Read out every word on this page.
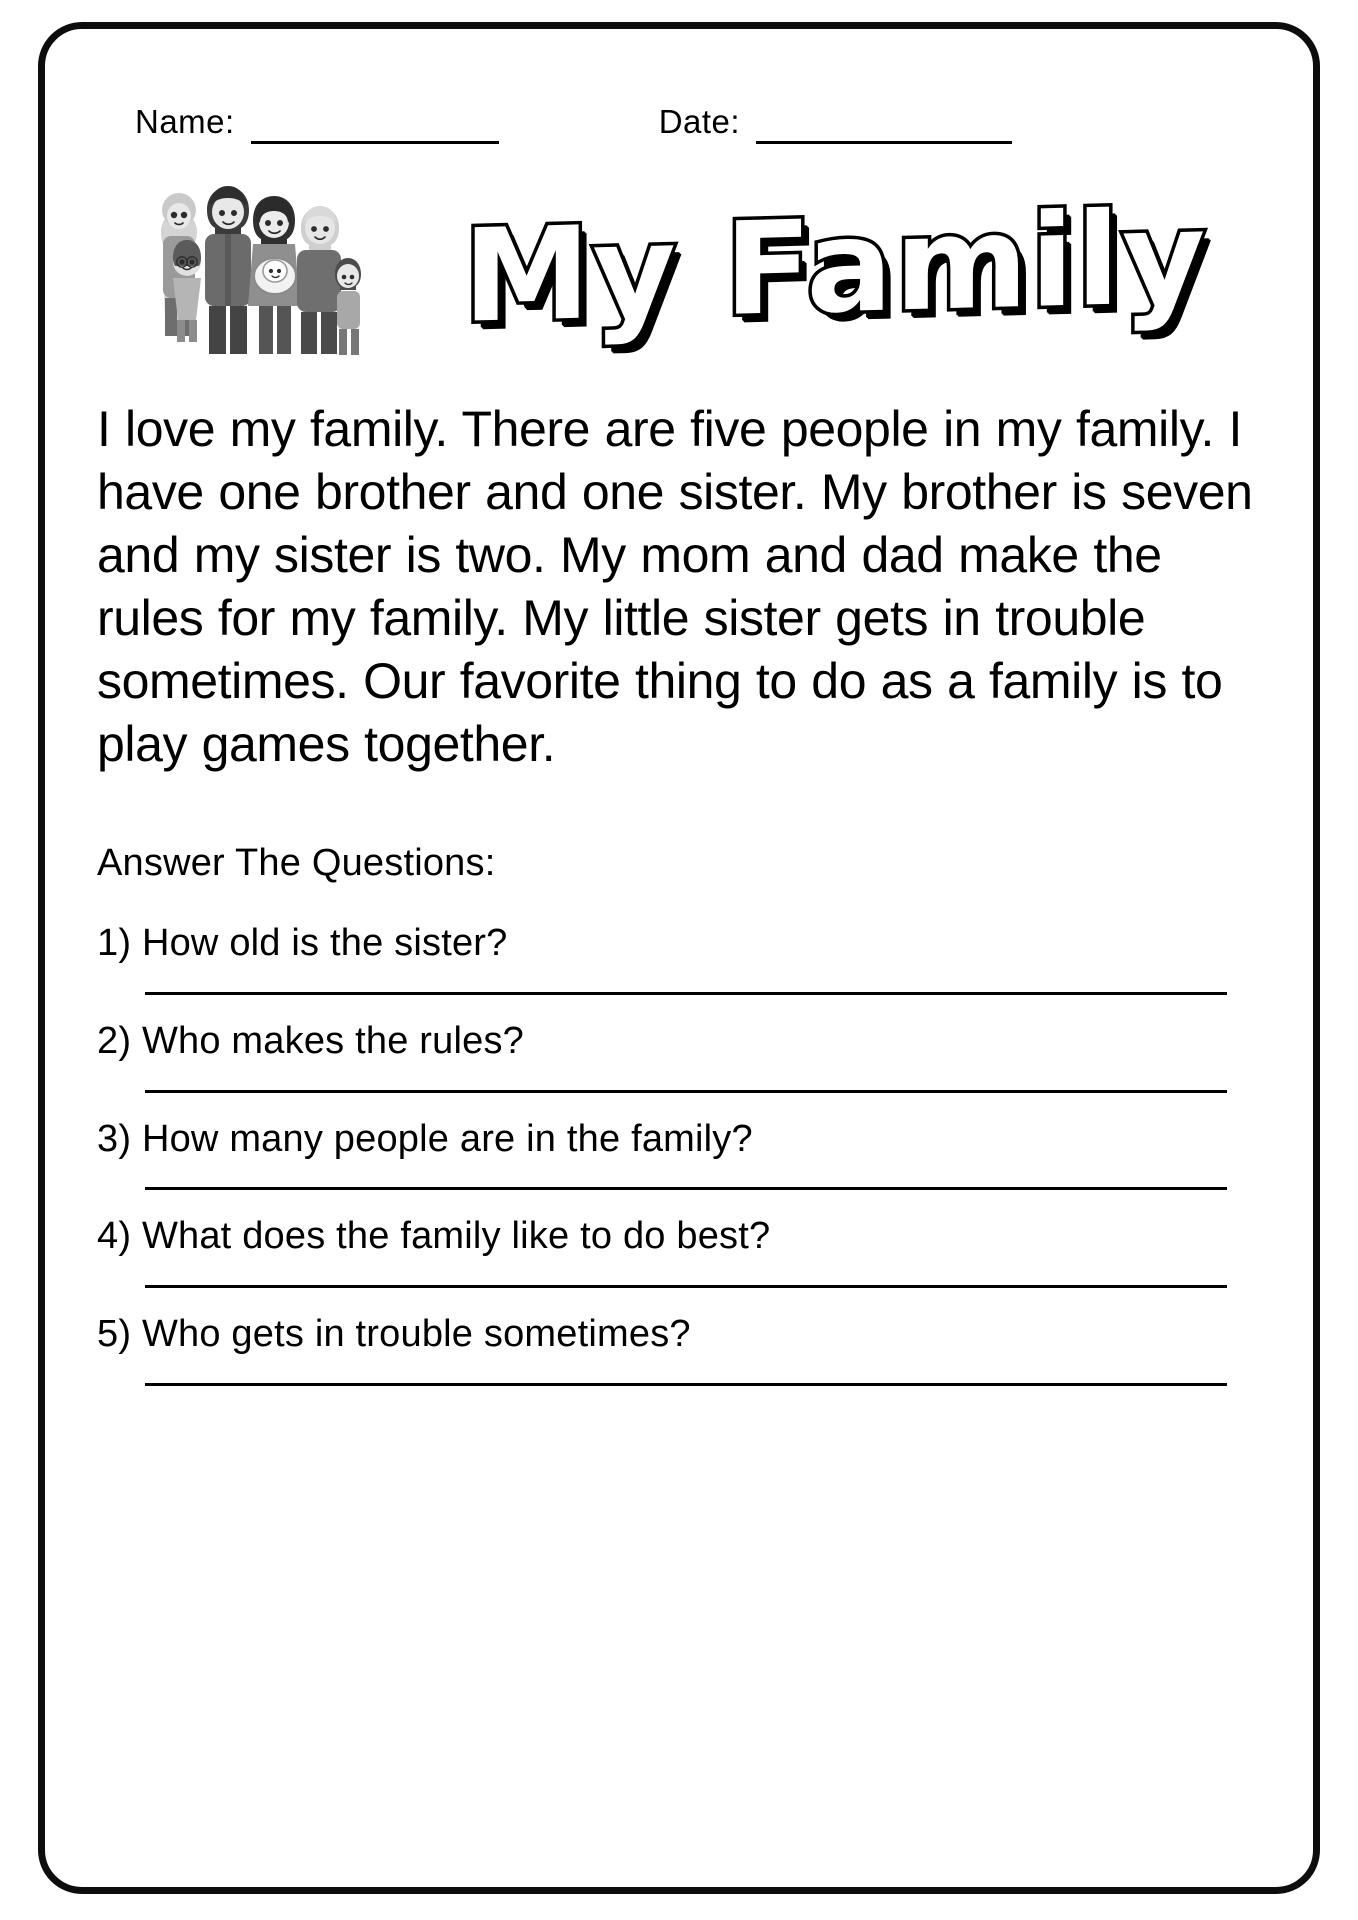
Name:	Date:
My Family
I love my family. There are five people in my family. I have one brother and one sister. My brother is seven and my sister is two. My mom and dad make the rules for my family. My little sister gets in trouble sometimes. Our favorite thing to do as a family is to play games together.
Answer The Questions:
1) How old is the sister?
2) Who makes the rules?
3) How many people are in the family?
4) What does the family like to do best?
5) Who gets in trouble sometimes?
